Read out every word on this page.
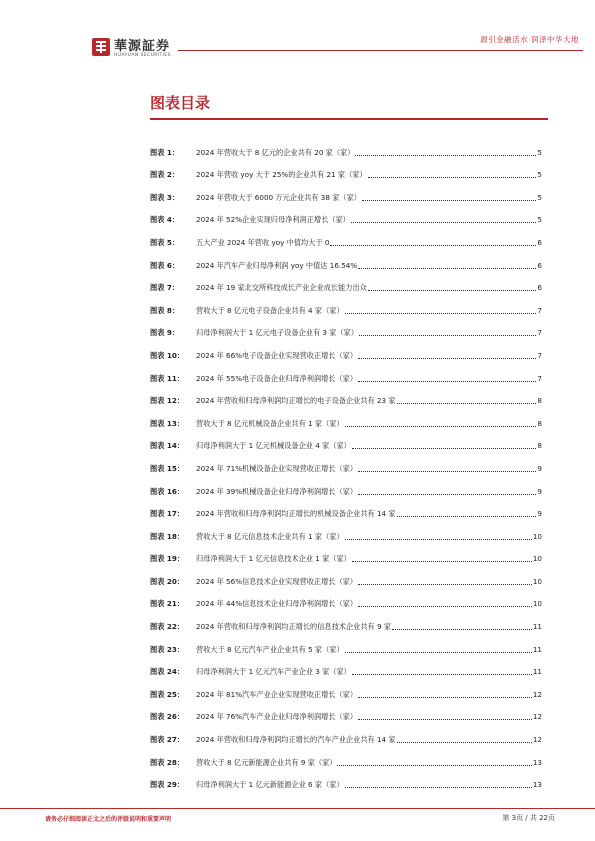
華源証券
HUAYUAN SECURITIES
源引金融活水 润泽中华大地
图表目录
图表 1：	2024 年营收大于 8 亿元的企业共有 20 家（家）	5
图表 2：	2024 年营收 yoy 大于 25%的企业共有 21 家（家）	5
图表 3：	2024 年营收大于 6000 万元企业共有 38 家（家）	5
图表 4：	2024 年 52%企业实现归母净利润正增长（家）	5
图表 5：	五大产业 2024 年营收 yoy 中值均大于 0	6
图表 6：	2024 年汽车产业归母净利润 yoy 中值达 16.54%	6
图表 7：	2024 年 19 家北交所科技成长产业企业成长能力出众	6
图表 8：	营收大于 8 亿元电子设备企业共有 4 家（家）	7
图表 9：	归母净利润大于 1 亿元电子设备企业有 3 家（家）	7
图表 10：	2024 年 66%电子设备企业实现营收正增长（家）	7
图表 11：	2024 年 55%电子设备企业归母净利润增长（家）	7
图表 12：	2024 年营收和归母净利润均正增长的电子设备企业共有 23 家	8
图表 13：	营收大于 8 亿元机械设备企业共有 1 家（家）	8
图表 14：	归母净利润大于 1 亿元机械设备企业 4 家（家）	8
图表 15：	2024 年 71%机械设备企业实现营收正增长（家）	9
图表 16：	2024 年 39%机械设备企业归母净利润增长（家）	9
图表 17：	2024 年营收和归母净利润均正增长的机械设备企业共有 14 家	9
图表 18：	营收大于 8 亿元信息技术企业共有 1 家（家）	10
图表 19：	归母净利润大于 1 亿元信息技术企业 1 家（家）	10
图表 20：	2024 年 56%信息技术企业实现营收正增长（家）	10
图表 21：	2024 年 44%信息技术企业归母净利润增长（家）	10
图表 22：	2024 年营收和归母净利润均正增长的信息技术企业共有 9 家	11
图表 23：	营收大于 8 亿元汽车产业企业共有 5 家（家）	11
图表 24：	归母净利润大于 1 亿元汽车产业企业 3 家（家）	11
图表 25：	2024 年 81%汽车产业企业实现营收正增长（家）	12
图表 26：	2024 年 76%汽车产业企业归母净利润增长（家）	12
图表 27：	2024 年营收和归母净利润均正增长的汽车产业企业共有 14 家	12
图表 28：	营收大于 8 亿元新能源企业共有 9 家（家）	13
图表 29：	归母净利润大于 1 亿元新能源企业 6 家（家）	13
请务必仔细阅读正文之后的评级说明和重要声明	第 3页 / 共 22页
